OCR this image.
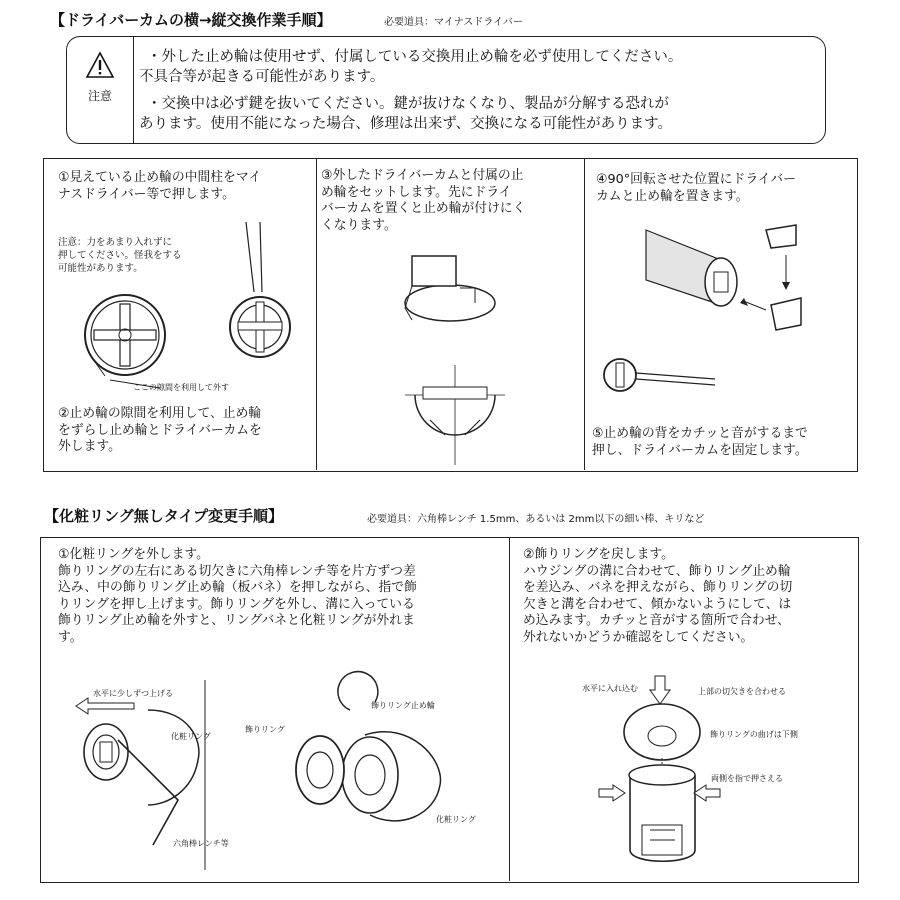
【ドライバーカムの横→縦交換作業手順】	必要道具：マイナスドライバー
注意
・外した止め輪は使用せず、付属している交換用止め輪を必ず使用してください。
不具合等が起きる可能性があります。
・交換中は必ず鍵を抜いてください。鍵が抜けなくなり、製品が分解する恐れが
あります。使用不能になった場合、修理は出来ず、交換になる可能性があります。
①見えている止め輪の中間柱をマイ
ナスドライバー等で押します。
注意：力をあまり入れずに
押してください。怪我をする
可能性があります。
ここの隙間を利用して外す
②止め輪の隙間を利用して、止め輪
をずらし止め輪とドライバーカムを
外します。
③外したドライバーカムと付属の止
め輪をセットします。先にドライ
バーカムを置くと止め輪が付けにく
くなります。
④90°回転させた位置にドライバー
カムと止め輪を置きます。
⑤止め輪の背をカチッと音がするまで
押し、ドライバーカムを固定します。
【化粧リング無しタイプ変更手順】	必要道具：六角棒レンチ 1.5mm、あるいは 2mm以下の細い棒、キリなど
①化粧リングを外します。
飾りリングの左右にある切欠きに六角棒レンチ等を片方ずつ差
込み、中の飾りリング止め輪（板バネ）を押しながら、指で飾
りリングを押し上げます。飾りリングを外し、溝に入っている
飾りリング止め輪を外すと、リングバネと化粧リングが外れま
す。
水平に少しずつ上げる
化粧リング
六角棒レンチ等
飾りリング
飾りリング止め輪
化粧リング
②飾りリングを戻します。
ハウジングの溝に合わせて、飾りリング止め輪
を差込み、バネを押えながら、飾りリングの切
欠きと溝を合わせて、傾かないようにして、は
め込みます。カチッと音がする箇所で合わせ、
外れないかどうか確認をしてください。
水平に入れ込む	上部の切欠きを合わせる
飾りリングの曲げは下側
両側を指で押さえる
